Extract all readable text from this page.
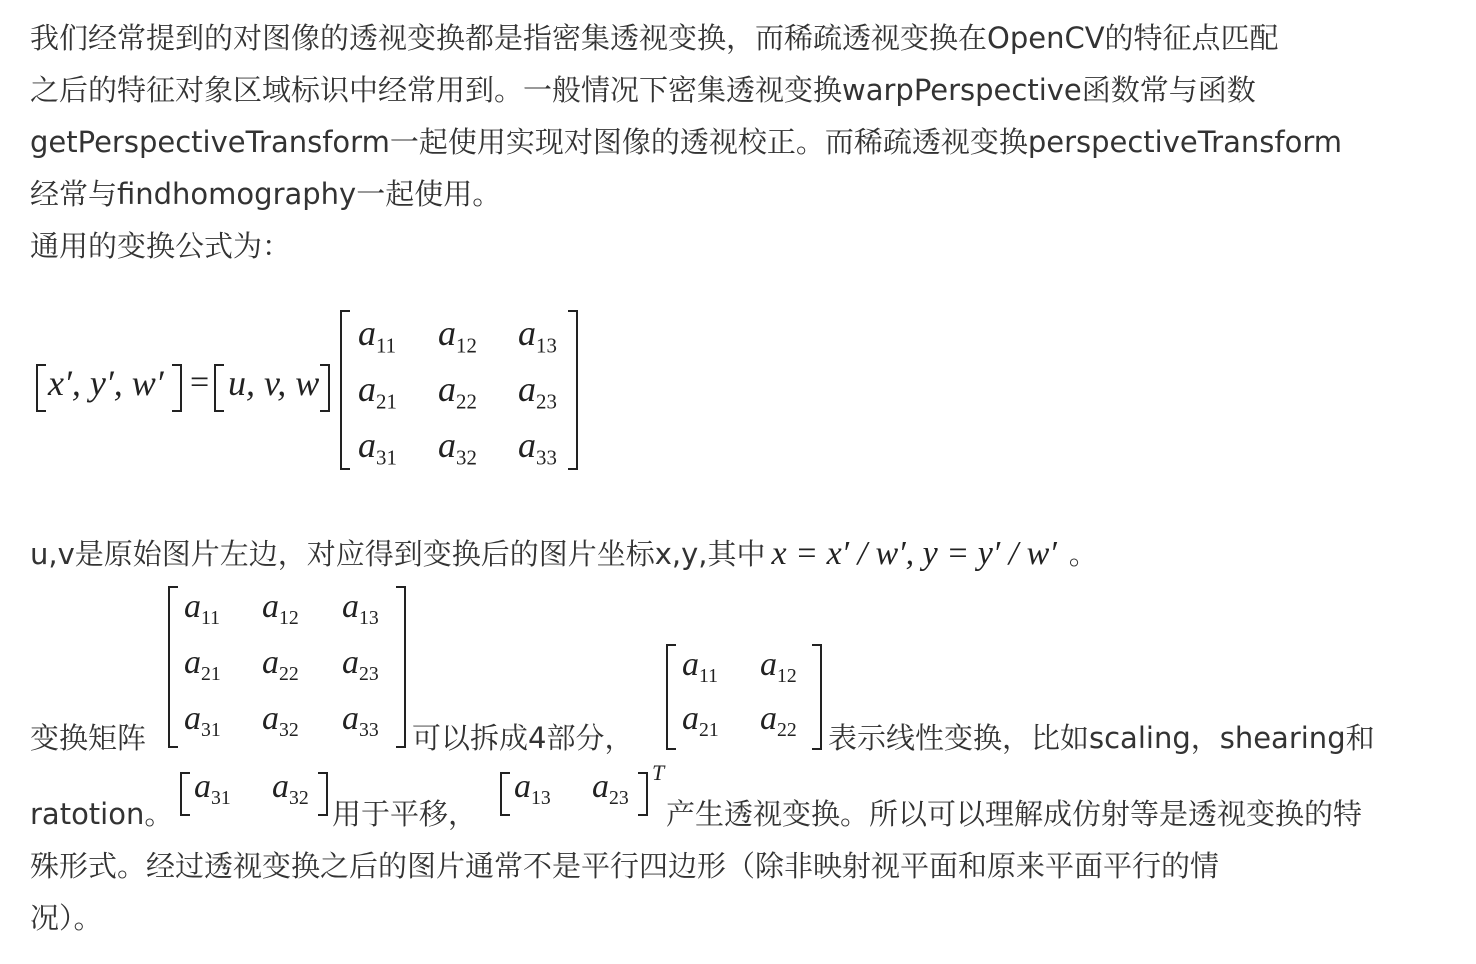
我们经常提到的对图像的透视变换都是指密集透视变换，而稀疏透视变换在OpenCV的特征点匹配
之后的特征对象区域标识中经常用到。一般情况下密集透视变换warpPerspective函数常与函数
getPerspectiveTransform一起使用实现对图像的透视校正。而稀疏透视变换perspectiveTransform
经常与findhomography一起使用。
通用的变换公式为：
x′, y′, w′ = u, v, w
$a_{11}$ $a_{12}$ $a_{13}$
$a_{21}$ $a_{22}$ $a_{23}$
$a_{31}$ $a_{32}$ $a_{33}$
u,v是原始图片左边，对应得到变换后的图片坐标x,y,其中 x = x′ / w′, y = y′ / w′ 。
变换矩阵
$a_{11}$ $a_{12}$ $a_{13}$
$a_{21}$ $a_{22}$ $a_{23}$
$a_{31}$ $a_{32}$ $a_{33}$ 可以拆成4部分，
$a_{11}$ $a_{12}$
$a_{21}$ $a_{22}$ 表示线性变换，比如scaling，shearing和
ratotion。
$a_{31}$ $a_{32}$ 用于平移，
$a_{13}$ $a_{23}$
T
产生透视变换。所以可以理解成仿射等是透视变换的特
殊形式。经过透视变换之后的图片通常不是平行四边形（除非映射视平面和原来平面平行的情
况）。
